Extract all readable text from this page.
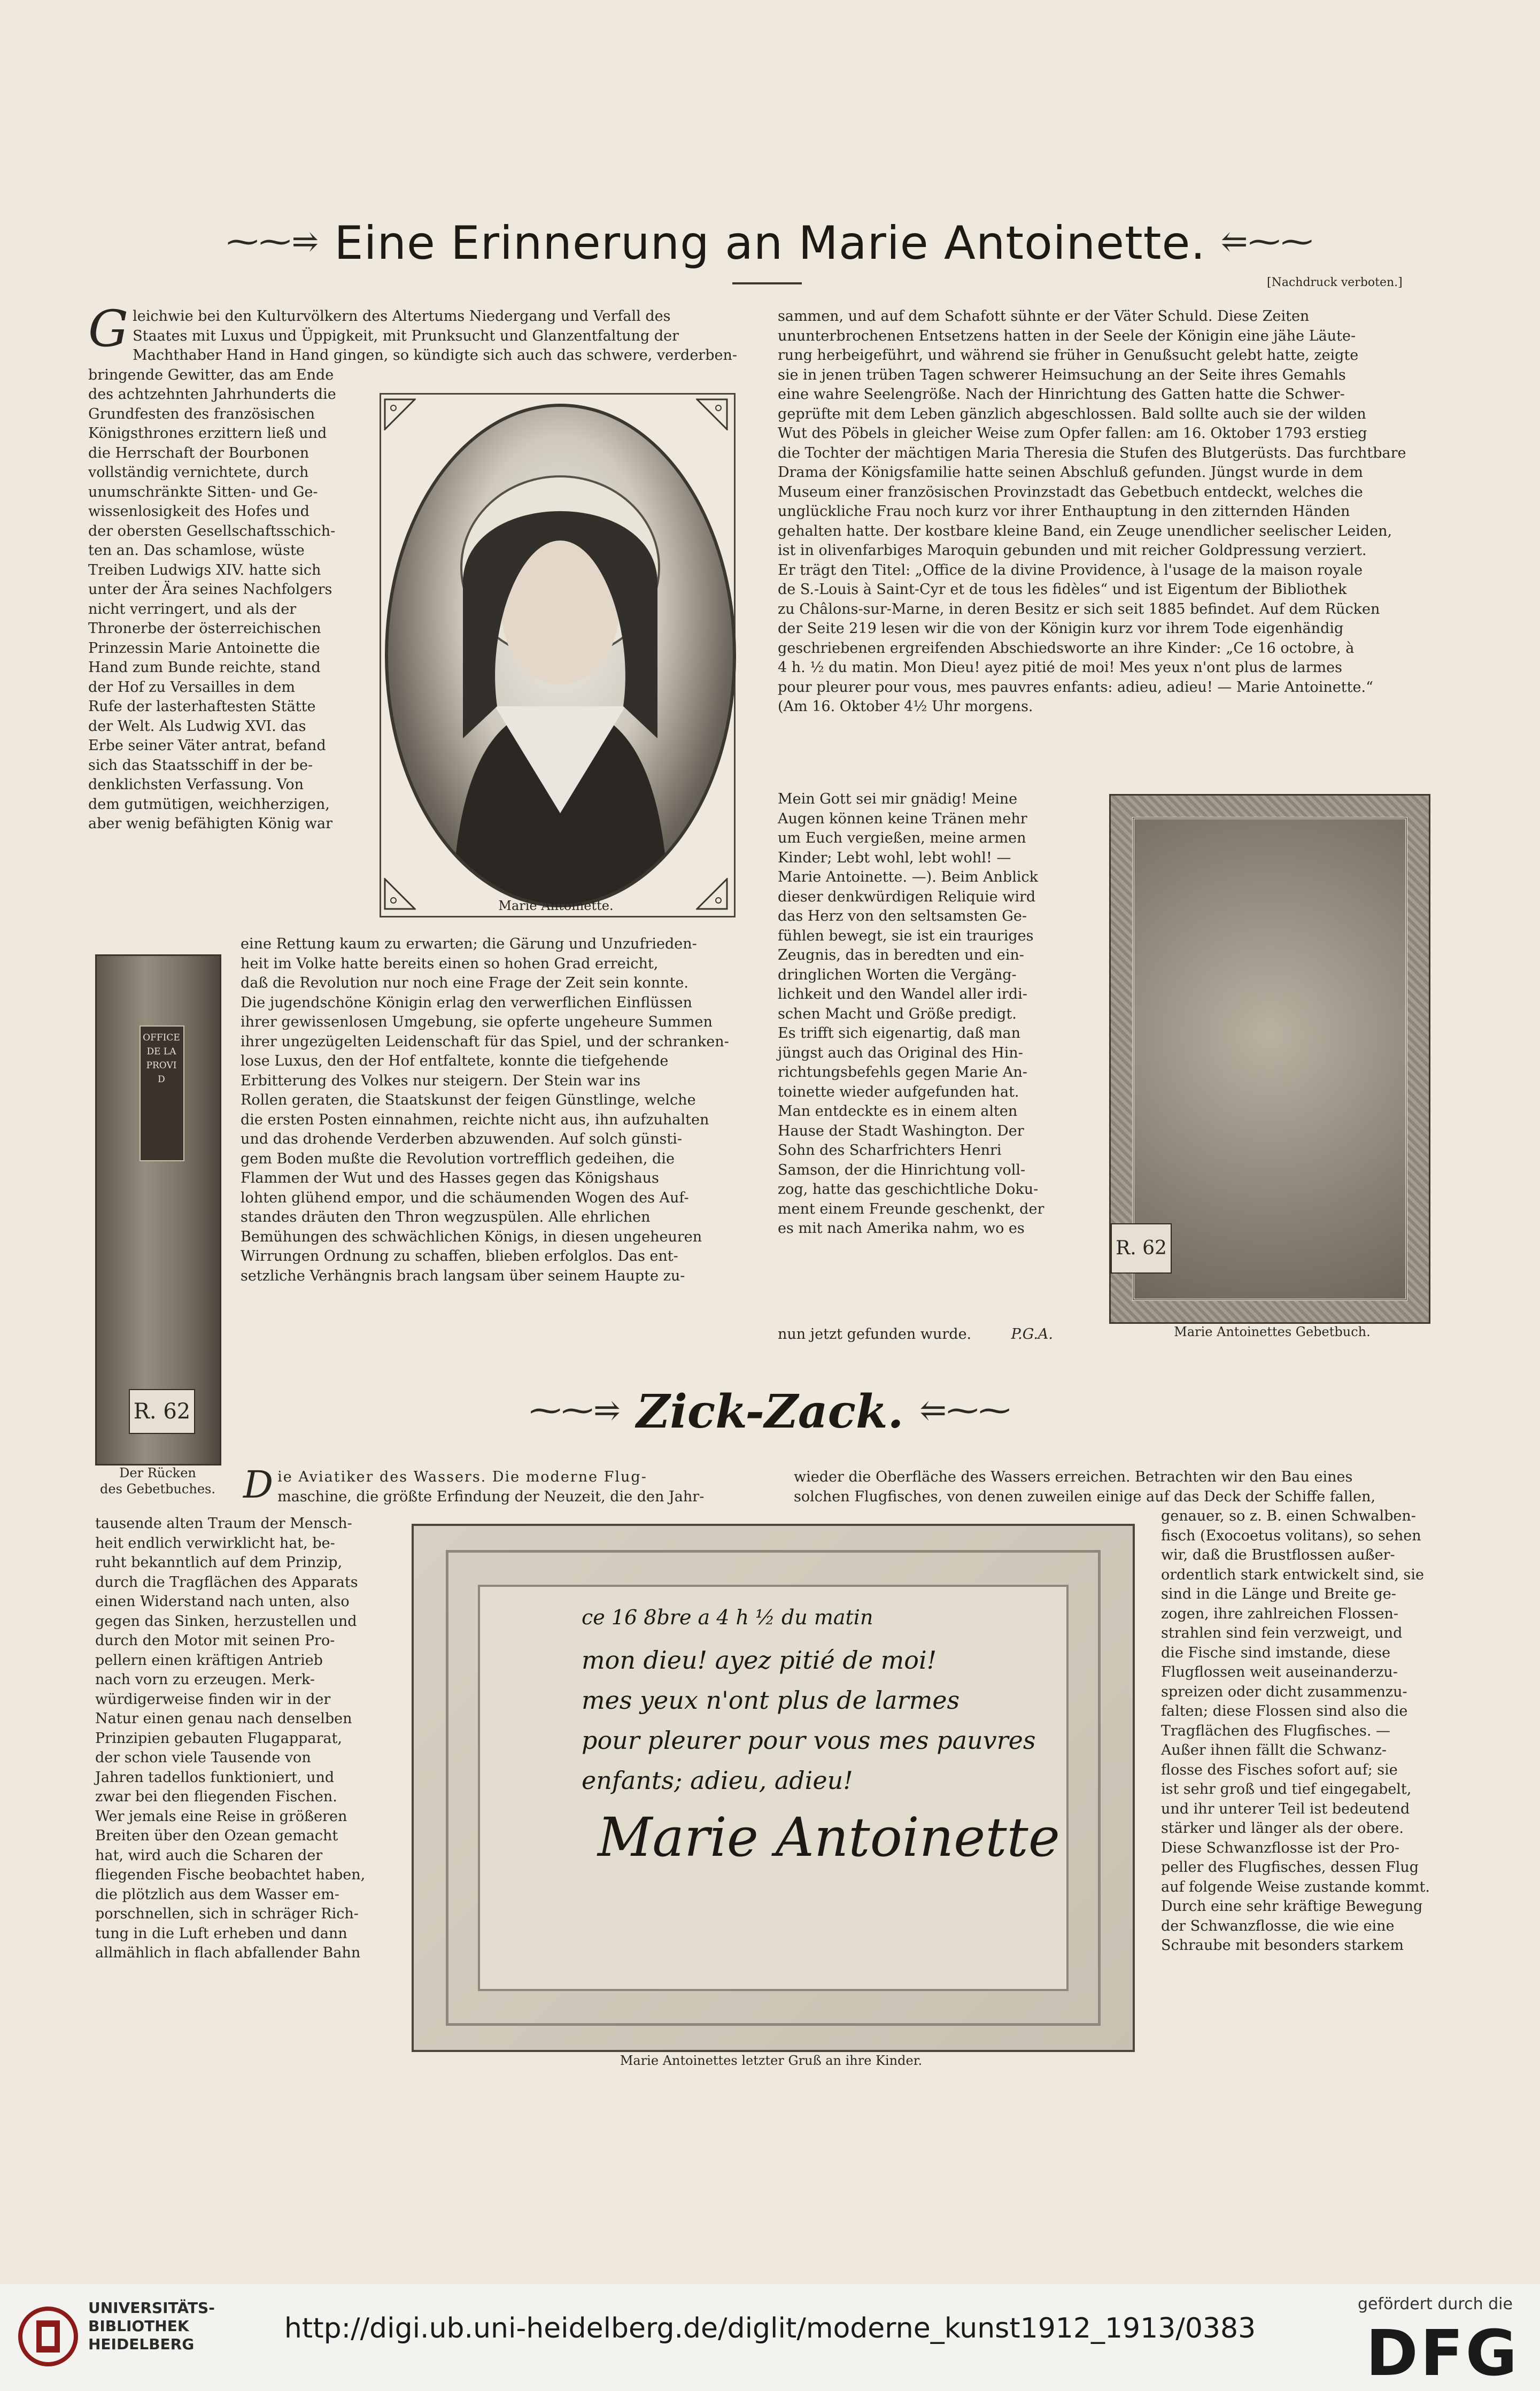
⁓⁓⥤ Eine Erinnerung an Marie Antoinette. ⥢⁓⁓
[Nachdruck verboten.]

Gleichwie bei den Kulturvölkern des Altertums Niedergang und Verfall des

Staates mit Luxus und Üppigkeit, mit Prunksucht und Glanzentfaltung der

Machthaber Hand in Hand gingen, so kündigte sich auch das schwere, verderben-

bringende Gewitter, das am Ende

des achtzehnten Jahrhunderts die

Grundfesten des französischen

Königsthrones erzittern ließ und

die Herrschaft der Bourbonen

vollständig vernichtete, durch

unumschränkte Sitten- und Ge-

wissenlosigkeit des Hofes und

der obersten Gesellschaftsschich-

ten an. Das schamlose, wüste

Treiben Ludwigs XIV. hatte sich

unter der Ära seines Nachfolgers

nicht verringert, und als der

Thronerbe der österreichischen

Prinzessin Marie Antoinette die

Hand zum Bunde reichte, stand

der Hof zu Versailles in dem

Rufe der lasterhaftesten Stätte

der Welt. Als Ludwig XVI. das

Erbe seiner Väter antrat, befand

sich das Staatsschiff in der be-

denklichsten Verfassung. Von

dem gutmütigen, weichherzigen,

aber wenig befähigten König war

Marie Antoinette.

eine Rettung kaum zu erwarten; die Gärung und Unzufrieden-

heit im Volke hatte bereits einen so hohen Grad erreicht,

daß die Revolution nur noch eine Frage der Zeit sein konnte.

Die jugendschöne Königin erlag den verwerflichen Einflüssen

ihrer gewissenlosen Umgebung, sie opferte ungeheure Summen

ihrer ungezügelten Leidenschaft für das Spiel, und der schranken-

lose Luxus, den der Hof entfaltete, konnte die tiefgehende

Erbitterung des Volkes nur steigern. Der Stein war ins

Rollen geraten, die Staatskunst der feigen Günstlinge, welche

die ersten Posten einnahmen, reichte nicht aus, ihn aufzuhalten

und das drohende Verderben abzuwenden. Auf solch günsti-

gem Boden mußte die Revolution vortrefflich gedeihen, die

Flammen der Wut und des Hasses gegen das Königshaus

lohten glühend empor, und die schäumenden Wogen des Auf-

standes dräuten den Thron wegzuspülen. Alle ehrlichen

Bemühungen des schwächlichen Königs, in diesen ungeheuren

Wirrungen Ordnung zu schaffen, blieben erfolglos. Das ent-

setzliche Verhängnis brach langsam über seinem Haupte zu-

sammen, und auf dem Schafott sühnte er der Väter Schuld. Diese Zeiten

ununterbrochenen Entsetzens hatten in der Seele der Königin eine jähe Läute-

rung herbeigeführt, und während sie früher in Genußsucht gelebt hatte, zeigte

sie in jenen trüben Tagen schwerer Heimsuchung an der Seite ihres Gemahls

eine wahre Seelengröße. Nach der Hinrichtung des Gatten hatte die Schwer-

geprüfte mit dem Leben gänzlich abgeschlossen. Bald sollte auch sie der wilden

Wut des Pöbels in gleicher Weise zum Opfer fallen: am 16. Oktober 1793 erstieg

die Tochter der mächtigen Maria Theresia die Stufen des Blutgerüsts. Das furchtbare

Drama der Königsfamilie hatte seinen Abschluß gefunden. Jüngst wurde in dem

Museum einer französischen Provinzstadt das Gebetbuch entdeckt, welches die

unglückliche Frau noch kurz vor ihrer Enthauptung in den zitternden Händen

gehalten hatte. Der kostbare kleine Band, ein Zeuge unendlicher seelischer Leiden,

ist in olivenfarbiges Maroquin gebunden und mit reicher Goldpressung verziert.

Er trägt den Titel: „Office de la divine Providence, à l'usage de la maison royale

de S.-Louis à Saint-Cyr et de tous les fidèles“ und ist Eigentum der Bibliothek

zu Châlons-sur-Marne, in deren Besitz er sich seit 1885 befindet. Auf dem Rücken

der Seite 219 lesen wir die von der Königin kurz vor ihrem Tode eigenhändig

geschriebenen ergreifenden Abschiedsworte an ihre Kinder: „Ce 16 octobre, à

4 h. ½ du matin. Mon Dieu! ayez pitié de moi! Mes yeux n'ont plus de larmes

pour pleurer pour vous, mes pauvres enfants: adieu, adieu! — Marie Antoinette.“

(Am 16. Oktober 4½ Uhr morgens.

Mein Gott sei mir gnädig! Meine

Augen können keine Tränen mehr

um Euch vergießen, meine armen

Kinder; Lebt wohl, lebt wohl! —

Marie Antoinette. —). Beim Anblick

dieser denkwürdigen Reliquie wird

das Herz von den seltsamsten Ge-

fühlen bewegt, sie ist ein trauriges

Zeugnis, das in beredten und ein-

dringlichen Worten die Vergäng-

lichkeit und den Wandel aller irdi-

schen Macht und Größe predigt.

Es trifft sich eigenartig, daß man

jüngst auch das Original des Hin-

richtungsbefehls gegen Marie An-

toinette wieder aufgefunden hat.

Man entdeckte es in einem alten

Hause der Stadt Washington. Der

Sohn des Scharfrichters Henri

Samson, der die Hinrichtung voll-

zog, hatte das geschichtliche Doku-

ment einem Freunde geschenkt, der

es mit nach Amerika nahm, wo es

nun jetzt gefunden wurde.	P.G.A.
R. 62
Marie Antoinettes Gebetbuch.
OFFICE DE LA PROVID
R. 62
Der Rücken
des Gebetbuches.
⁓⁓⥤ Zick-Zack. ⥢⁓⁓

Die Aviatiker des Wassers. Die moderne Flug-

maschine, die größte Erfindung der Neuzeit, die den Jahr-

tausende alten Traum der Mensch-

heit endlich verwirklicht hat, be-

ruht bekanntlich auf dem Prinzip,

durch die Tragflächen des Apparats

einen Widerstand nach unten, also

gegen das Sinken, herzustellen und

durch den Motor mit seinen Pro-

pellern einen kräftigen Antrieb

nach vorn zu erzeugen. Merk-

würdigerweise finden wir in der

Natur einen genau nach denselben

Prinzipien gebauten Flugapparat,

der schon viele Tausende von

Jahren tadellos funktioniert, und

zwar bei den fliegenden Fischen.

Wer jemals eine Reise in größeren

Breiten über den Ozean gemacht

hat, wird auch die Scharen der

fliegenden Fische beobachtet haben,

die plötzlich aus dem Wasser em-

porschnellen, sich in schräger Rich-

tung in die Luft erheben und dann

allmählich in flach abfallender Bahn

wieder die Oberfläche des Wassers erreichen. Betrachten wir den Bau eines

solchen Flugfisches, von denen zuweilen einige auf das Deck der Schiffe fallen,

genauer, so z. B. einen Schwalben-

fisch (Exocoetus volitans), so sehen

wir, daß die Brustflossen außer-

ordentlich stark entwickelt sind, sie

sind in die Länge und Breite ge-

zogen, ihre zahlreichen Flossen-

strahlen sind fein verzweigt, und

die Fische sind imstande, diese

Flugflossen weit auseinanderzu-

spreizen oder dicht zusammenzu-

falten; diese Flossen sind also die

Tragflächen des Flugfisches. —

Außer ihnen fällt die Schwanz-

flosse des Fisches sofort auf; sie

ist sehr groß und tief eingegabelt,

und ihr unterer Teil ist bedeutend

stärker und länger als der obere.

Diese Schwanzflosse ist der Pro-

peller des Flugfisches, dessen Flug

auf folgende Weise zustande kommt.

Durch eine sehr kräftige Bewegung

der Schwanzflosse, die wie eine

Schraube mit besonders starkem

ce 16 8bre a 4 h ½ du matin
mon dieu! ayez pitié de moi!
mes yeux n'ont plus de larmes
pour pleurer pour vous mes pauvres
enfants; adieu, adieu!
Marie Antoinette
Marie Antoinettes letzter Gruß an ihre Kinder.
UNIVERSITÄTS-
BIBLIOTHEK
HEIDELBERG	http://digi.ub.uni-heidelberg.de/diglit/moderne_kunst1912_1913/0383
gefördert durch die
DFG
